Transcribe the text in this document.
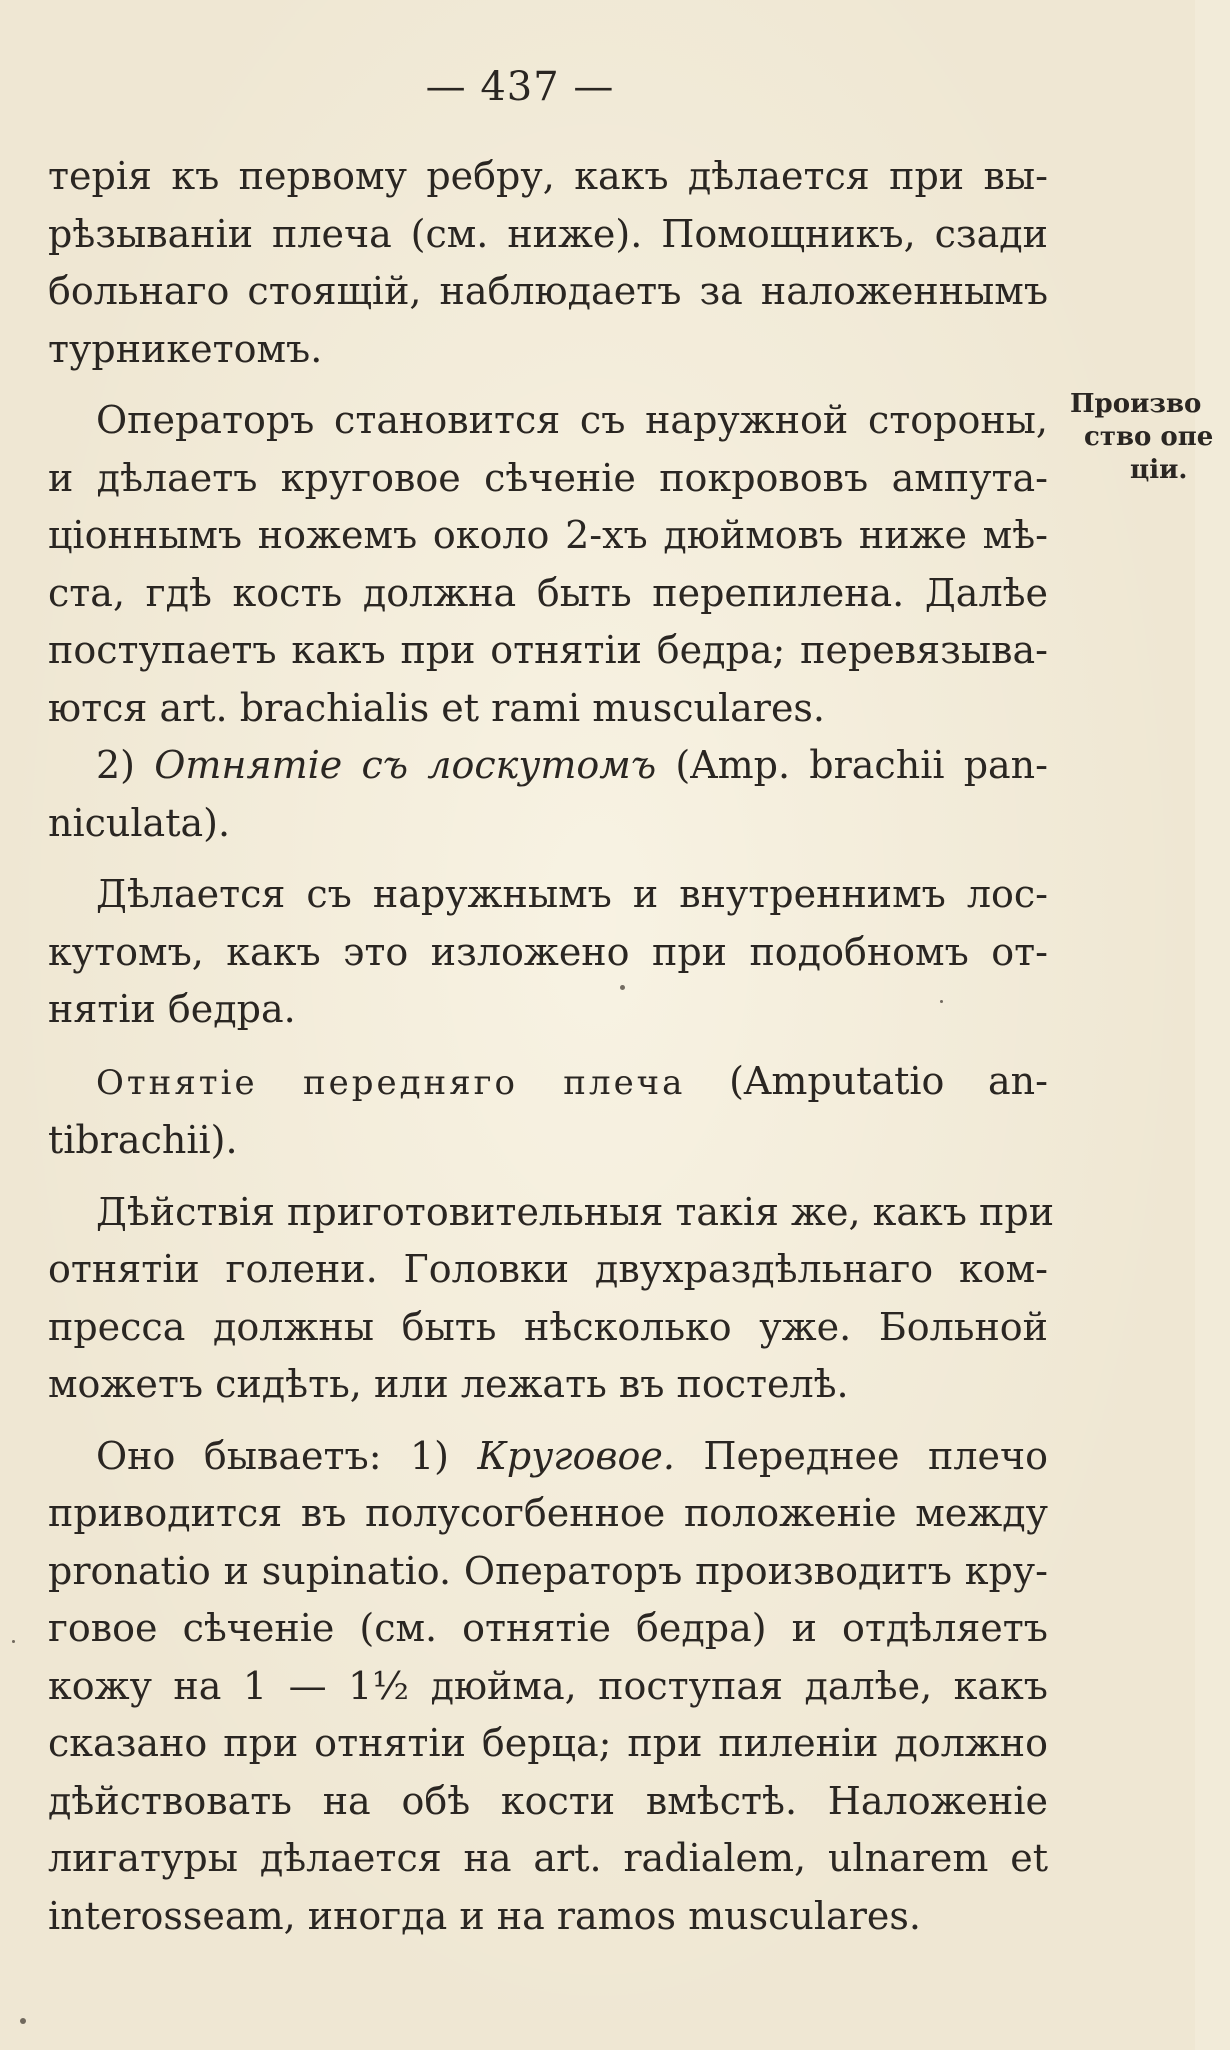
— 437 —
терія къ первому ребру, какъ дѣлается при вы-
рѣзываніи плеча (см. ниже). Помощникъ, сзади
больнаго стоящій, наблюдаетъ за наложеннымъ
турникетомъ.
Операторъ становится съ наружной стороны,
и дѣлаетъ круговое сѣченіе покрововъ ампута-
ціоннымъ ножемъ около 2-хъ дюймовъ ниже мѣ-
ста, гдѣ кость должна быть перепилена. Далѣе
поступаетъ какъ при отнятіи бедра; перевязыва-
ются art. brachialis et rami musculares.
2) Отнятіе съ лоскутомъ (Amp. brachii pan-
niculata).
Дѣлается съ наружнымъ и внутреннимъ лос-
кутомъ, какъ это изложено при подобномъ от-
нятіи бедра.
Отнятіе передняго плеча (Amputatio an-
tibrachii).
Дѣйствія приготовительныя такія же, какъ при
отнятіи голени. Головки двухраздѣльнаго ком-
пресса должны быть нѣсколько уже. Больной
можетъ сидѣть, или лежать въ постелѣ.
Оно бываетъ: 1) Круговое. Переднее плечо
приводится въ полусогбенное положеніе между
pronatio и supinatio. Операторъ производитъ кру-
говое сѣченіе (см. отнятіе бедра) и отдѣляетъ
кожу на 1 — 1½ дюйма, поступая далѣе, какъ
сказано при отнятіи берца; при пиленіи должно
дѣйствовать на обѣ кости вмѣстѣ. Наложеніе
лигатуры дѣлается на art. radialem, ulnarem et
interosseam, иногда и на ramos musculares.
Произво
ство опе
ціи.
